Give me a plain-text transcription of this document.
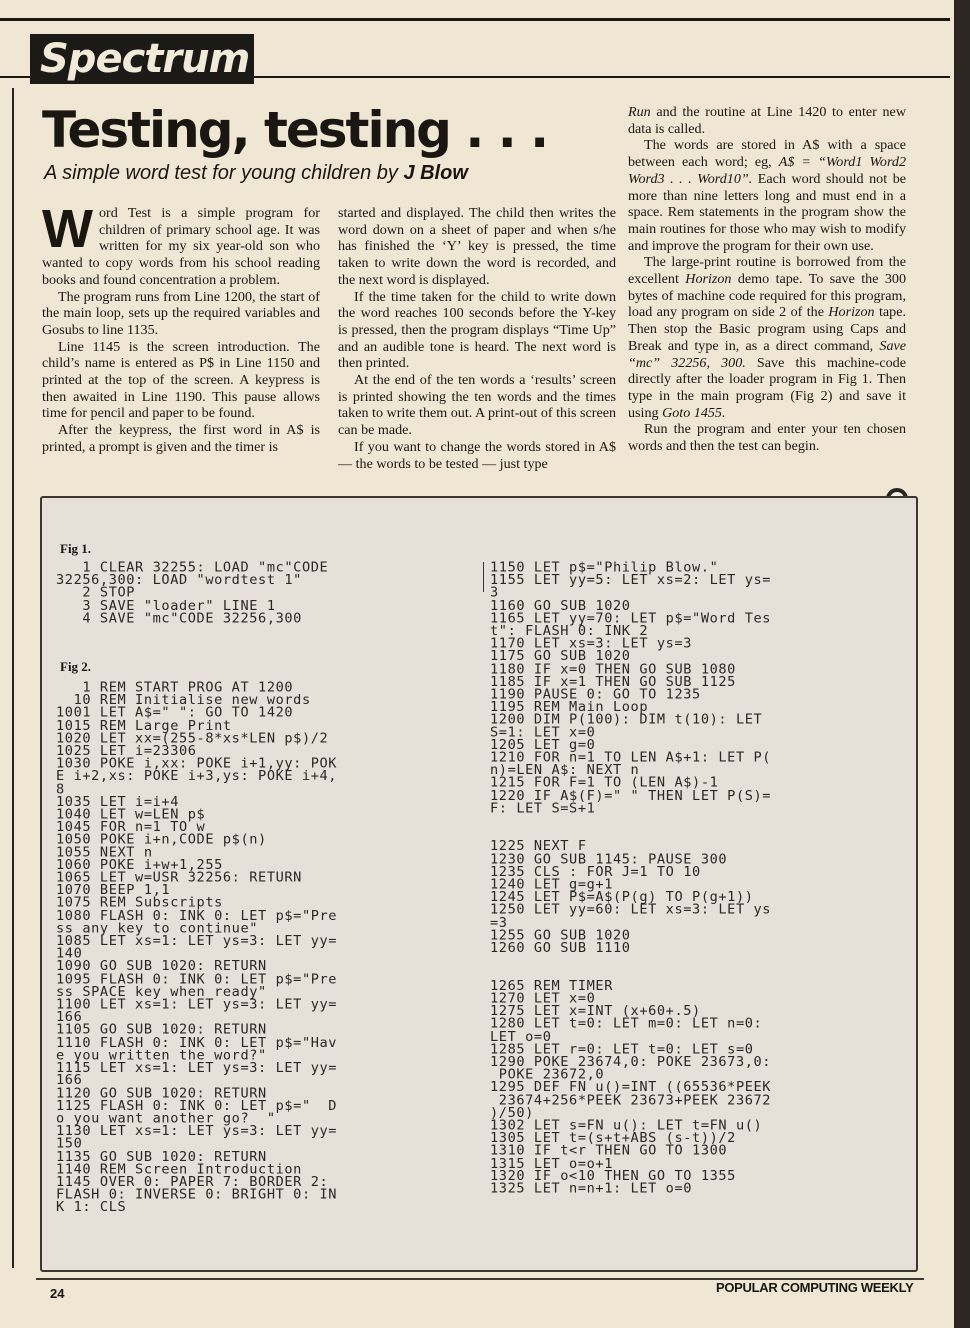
Spectrum
Testing, testing . . .

A simple word test for young children by J Blow

Word Test is a simple program for children of primary school age. It was written for my six year-old son who wanted to copy words from his school reading books and found concentration a problem.

The program runs from Line 1200, the start of the main loop, sets up the required variables and Gosubs to line 1135.

Line 1145 is the screen introduction. The child’s name is entered as P$ in Line 1150 and printed at the top of the screen. A keypress is then awaited in Line 1190. This pause allows time for pencil and paper to be found.

After the keypress, the first word in A$ is printed, a prompt is given and the timer is

started and displayed. The child then writes the word down on a sheet of paper and when s/he has finished the ‘Y’ key is pressed, the time taken to write down the word is recorded, and the next word is displayed.

If the time taken for the child to write down the word reaches 100 seconds before the Y-key is pressed, then the program displays “Time Up” and an audible tone is heard. The next word is then printed.

At the end of the ten words a ‘results’ screen is printed showing the ten words and the times taken to write them out. A print-out of this screen can be made.

If you want to change the words stored in A$ — the words to be tested — just type

Run and the routine at Line 1420 to enter new data is called.

The words are stored in A$ with a space between each word; eg, A$ = “Word1 Word2 Word3 . . . Word10”. Each word should not be more than nine letters long and must end in a space. Rem statements in the program show the main routines for those who may wish to modify and improve the program for their own use.

The large-print routine is borrowed from the excellent Horizon demo tape. To save the 300 bytes of machine code required for this program, load any program on side 2 of the Horizon tape. Then stop the Basic program using Caps and Break and type in, as a direct command, Save “mc” 32256, 300. Save this machine-code directly after the loader program in Fig 1. Then type in the main program (Fig 2) and save it using Goto 1455.

Run the program and enter your ten chosen words and then the test can begin.

Fig 1.
1 CLEAR 32255: LOAD "mc"CODE
32256,300: LOAD "wordtest 1"
2 STOP
3 SAVE "loader" LINE 1
4 SAVE "mc"CODE 32256,300
Fig 2.
1 REM START PROG AT 1200
10 REM Initialise new words
1001 LET A$=" ": GO TO 1420
1015 REM Large Print
1020 LET xx=(255-8*xs*LEN p$)/2
1025 LET i=23306
1030 POKE i,xx: POKE i+1,yy: POK
E i+2,xs: POKE i+3,ys: POKE i+4,
8
1035 LET i=i+4
1040 LET w=LEN p$
1045 FOR n=1 TO w
1050 POKE i+n,CODE p$(n)
1055 NEXT n
1060 POKE i+w+1,255
1065 LET w=USR 32256: RETURN
1070 BEEP 1,1
1075 REM Subscripts
1080 FLASH 0: INK 0: LET p$="Pre
ss any key to continue"
1085 LET xs=1: LET ys=3: LET yy=
140
1090 GO SUB 1020: RETURN
1095 FLASH 0: INK 0: LET p$="Pre
ss SPACE key when ready"
1100 LET xs=1: LET ys=3: LET yy=
166
1105 GO SUB 1020: RETURN
1110 FLASH 0: INK 0: LET p$="Hav
e you written the word?"
1115 LET xs=1: LET ys=3: LET yy=
166
1120 GO SUB 1020: RETURN
1125 FLASH 0: INK 0: LET p$="  D
o you want another go?  "
1130 LET xs=1: LET ys=3: LET yy=
150
1135 GO SUB 1020: RETURN
1140 REM Screen Introduction
1145 OVER 0: PAPER 7: BORDER 2:
FLASH 0: INVERSE 0: BRIGHT 0: IN
K 1: CLS
1150 LET p$="Philip Blow."
1155 LET yy=5: LET xs=2: LET ys=
3
1160 GO SUB 1020
1165 LET yy=70: LET p$="Word Tes
t": FLASH 0: INK 2
1170 LET xs=3: LET ys=3
1175 GO SUB 1020
1180 IF x=0 THEN GO SUB 1080
1185 IF x=1 THEN GO SUB 1125
1190 PAUSE 0: GO TO 1235
1195 REM Main Loop
1200 DIM P(100): DIM t(10): LET
S=1: LET x=0
1205 LET g=0
1210 FOR n=1 TO LEN A$+1: LET P(
n)=LEN A$: NEXT n
1215 FOR F=1 TO (LEN A$)-1
1220 IF A$(F)=" " THEN LET P(S)=
F: LET S=S+1

1225 NEXT F
1230 GO SUB 1145: PAUSE 300
1235 CLS : FOR J=1 TO 10
1240 LET g=g+1
1245 LET P$=A$(P(g) TO P(g+1))
1250 LET yy=60: LET xs=3: LET ys
=3
1255 GO SUB 1020
1260 GO SUB 1110

1265 REM TIMER
1270 LET x=0
1275 LET x=INT (x+60+.5)
1280 LET t=0: LET m=0: LET n=0:
LET o=0
1285 LET r=0: LET t=0: LET s=0
1290 POKE 23674,0: POKE 23673,0:
POKE 23672,0
1295 DEF FN u()=INT ((65536*PEEK
23674+256*PEEK 23673+PEEK 23672
)/50)
1302 LET s=FN u(): LET t=FN u()
1305 LET t=(s+t+ABS (s-t))/2
1310 IF t<r THEN GO TO 1300
1315 LET o=o+1
1320 IF o<10 THEN GO TO 1355
1325 LET n=n+1: LET o=0
24	POPULAR COMPUTING WEEKLY
